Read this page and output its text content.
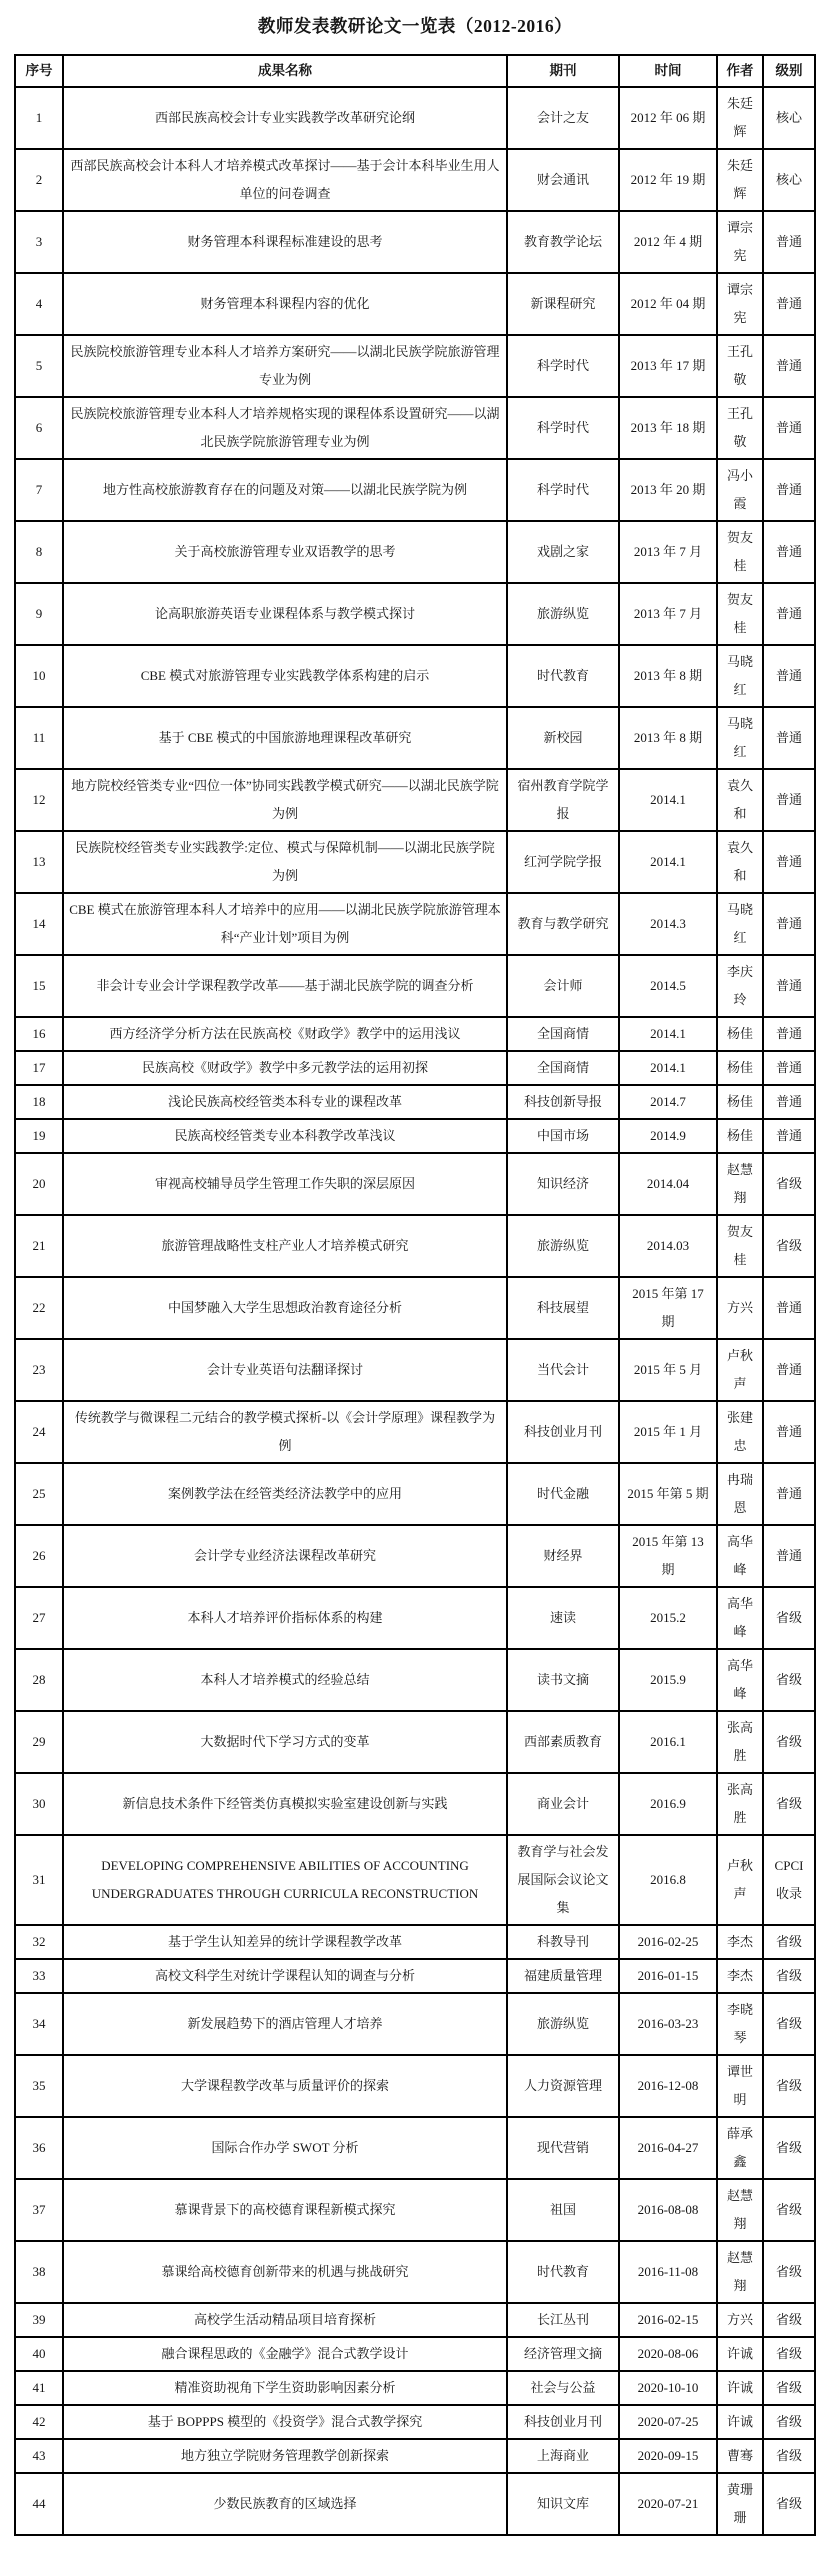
教师发表教研论文一览表（2012-2016）
序号	成果名称	期刊	时间	作者	级别
1	西部民族高校会计专业实践教学改革研究论纲	会计之友	2012 年 06 期	朱廷辉	核心
2	西部民族高校会计本科人才培养模式改革探讨——基于会计本科毕业生用人单位的问卷调查	财会通讯	2012 年 19 期	朱廷辉	核心
3	财务管理本科课程标准建设的思考	教育教学论坛	2012 年 4 期	谭宗宪	普通
4	财务管理本科课程内容的优化	新课程研究	2012 年 04 期	谭宗宪	普通
5	民族院校旅游管理专业本科人才培养方案研究——以湖北民族学院旅游管理专业为例	科学时代	2013 年 17 期	王孔敬	普通
6	民族院校旅游管理专业本科人才培养规格实现的课程体系设置研究——以湖北民族学院旅游管理专业为例	科学时代	2013 年 18 期	王孔敬	普通
7	地方性高校旅游教育存在的问题及对策——以湖北民族学院为例	科学时代	2013 年 20 期	冯小霞	普通
8	关于高校旅游管理专业双语教学的思考	戏剧之家	2013 年 7 月	贺友桂	普通
9	论高职旅游英语专业课程体系与教学模式探讨	旅游纵览	2013 年 7 月	贺友桂	普通
10	CBE 模式对旅游管理专业实践教学体系构建的启示	时代教育	2013 年 8 期	马晓红	普通
11	基于 CBE 模式的中国旅游地理课程改革研究	新校园	2013 年 8 期	马晓红	普通
12	地方院校经管类专业“四位一体”协同实践教学模式研究——以湖北民族学院为例	宿州教育学院学报	2014.1	袁久和	普通
13	民族院校经管类专业实践教学:定位、模式与保障机制——以湖北民族学院为例	红河学院学报	2014.1	袁久和	普通
14	CBE 模式在旅游管理本科人才培养中的应用——以湖北民族学院旅游管理本科“产业计划”项目为例	教育与教学研究	2014.3	马晓红	普通
15	非会计专业会计学课程教学改革——基于湖北民族学院的调查分析	会计师	2014.5	李庆玲	普通
16	西方经济学分析方法在民族高校《财政学》教学中的运用浅议	全国商情	2014.1	杨佳	普通
17	民族高校《财政学》教学中多元教学法的运用初探	全国商情	2014.1	杨佳	普通
18	浅论民族高校经管类本科专业的课程改革	科技创新导报	2014.7	杨佳	普通
19	民族高校经管类专业本科教学改革浅议	中国市场	2014.9	杨佳	普通
20	审视高校辅导员学生管理工作失职的深层原因	知识经济	2014.04	赵慧翔	省级
21	旅游管理战略性支柱产业人才培养模式研究	旅游纵览	2014.03	贺友桂	省级
22	中国梦融入大学生思想政治教育途径分析	科技展望	2015 年第 17 期	方兴	普通
23	会计专业英语句法翻译探讨	当代会计	2015 年 5 月	卢秋声	普通
24	传统教学与微课程二元结合的教学模式探析-以《会计学原理》课程教学为例	科技创业月刊	2015 年 1 月	张建忠	普通
25	案例教学法在经管类经济法教学中的应用	时代金融	2015 年第 5 期	冉瑞恩	普通
26	会计学专业经济法课程改革研究	财经界	2015 年第 13 期	高华峰	普通
27	本科人才培养评价指标体系的构建	速读	2015.2	高华峰	省级
28	本科人才培养模式的经验总结	读书文摘	2015.9	高华峰	省级
29	大数据时代下学习方式的变革	西部素质教育	2016.1	张高胜	省级
30	新信息技术条件下经管类仿真模拟实验室建设创新与实践	商业会计	2016.9	张高胜	省级
31	DEVELOPING COMPREHENSIVE ABILITIES OF ACCOUNTING UNDERGRADUATES THROUGH CURRICULA RECONSTRUCTION	教育学与社会发展国际会议论文集	2016.8	卢秋声	CPCI收录
32	基于学生认知差异的统计学课程教学改革	科教导刊	2016-02-25	李杰	省级
33	高校文科学生对统计学课程认知的调查与分析	福建质量管理	2016-01-15	李杰	省级
34	新发展趋势下的酒店管理人才培养	旅游纵览	2016-03-23	李晓琴	省级
35	大学课程教学改革与质量评价的探索	人力资源管理	2016-12-08	谭世明	省级
36	国际合作办学 SWOT 分析	现代营销	2016-04-27	薛承鑫	省级
37	慕课背景下的高校德育课程新模式探究	祖国	2016-08-08	赵慧翔	省级
38	慕课给高校德育创新带来的机遇与挑战研究	时代教育	2016-11-08	赵慧翔	省级
39	高校学生活动精品项目培育探析	长江丛刊	2016-02-15	方兴	省级
40	融合课程思政的《金融学》混合式教学设计	经济管理文摘	2020-08-06	许诚	省级
41	精准资助视角下学生资助影响因素分析	社会与公益	2020-10-10	许诚	省级
42	基于 BOPPPS 模型的《投资学》混合式教学探究	科技创业月刊	2020-07-25	许诚	省级
43	地方独立学院财务管理教学创新探索	上海商业	2020-09-15	曹骞	省级
44	少数民族教育的区域选择	知识文库	2020-07-21	黄珊珊	省级
